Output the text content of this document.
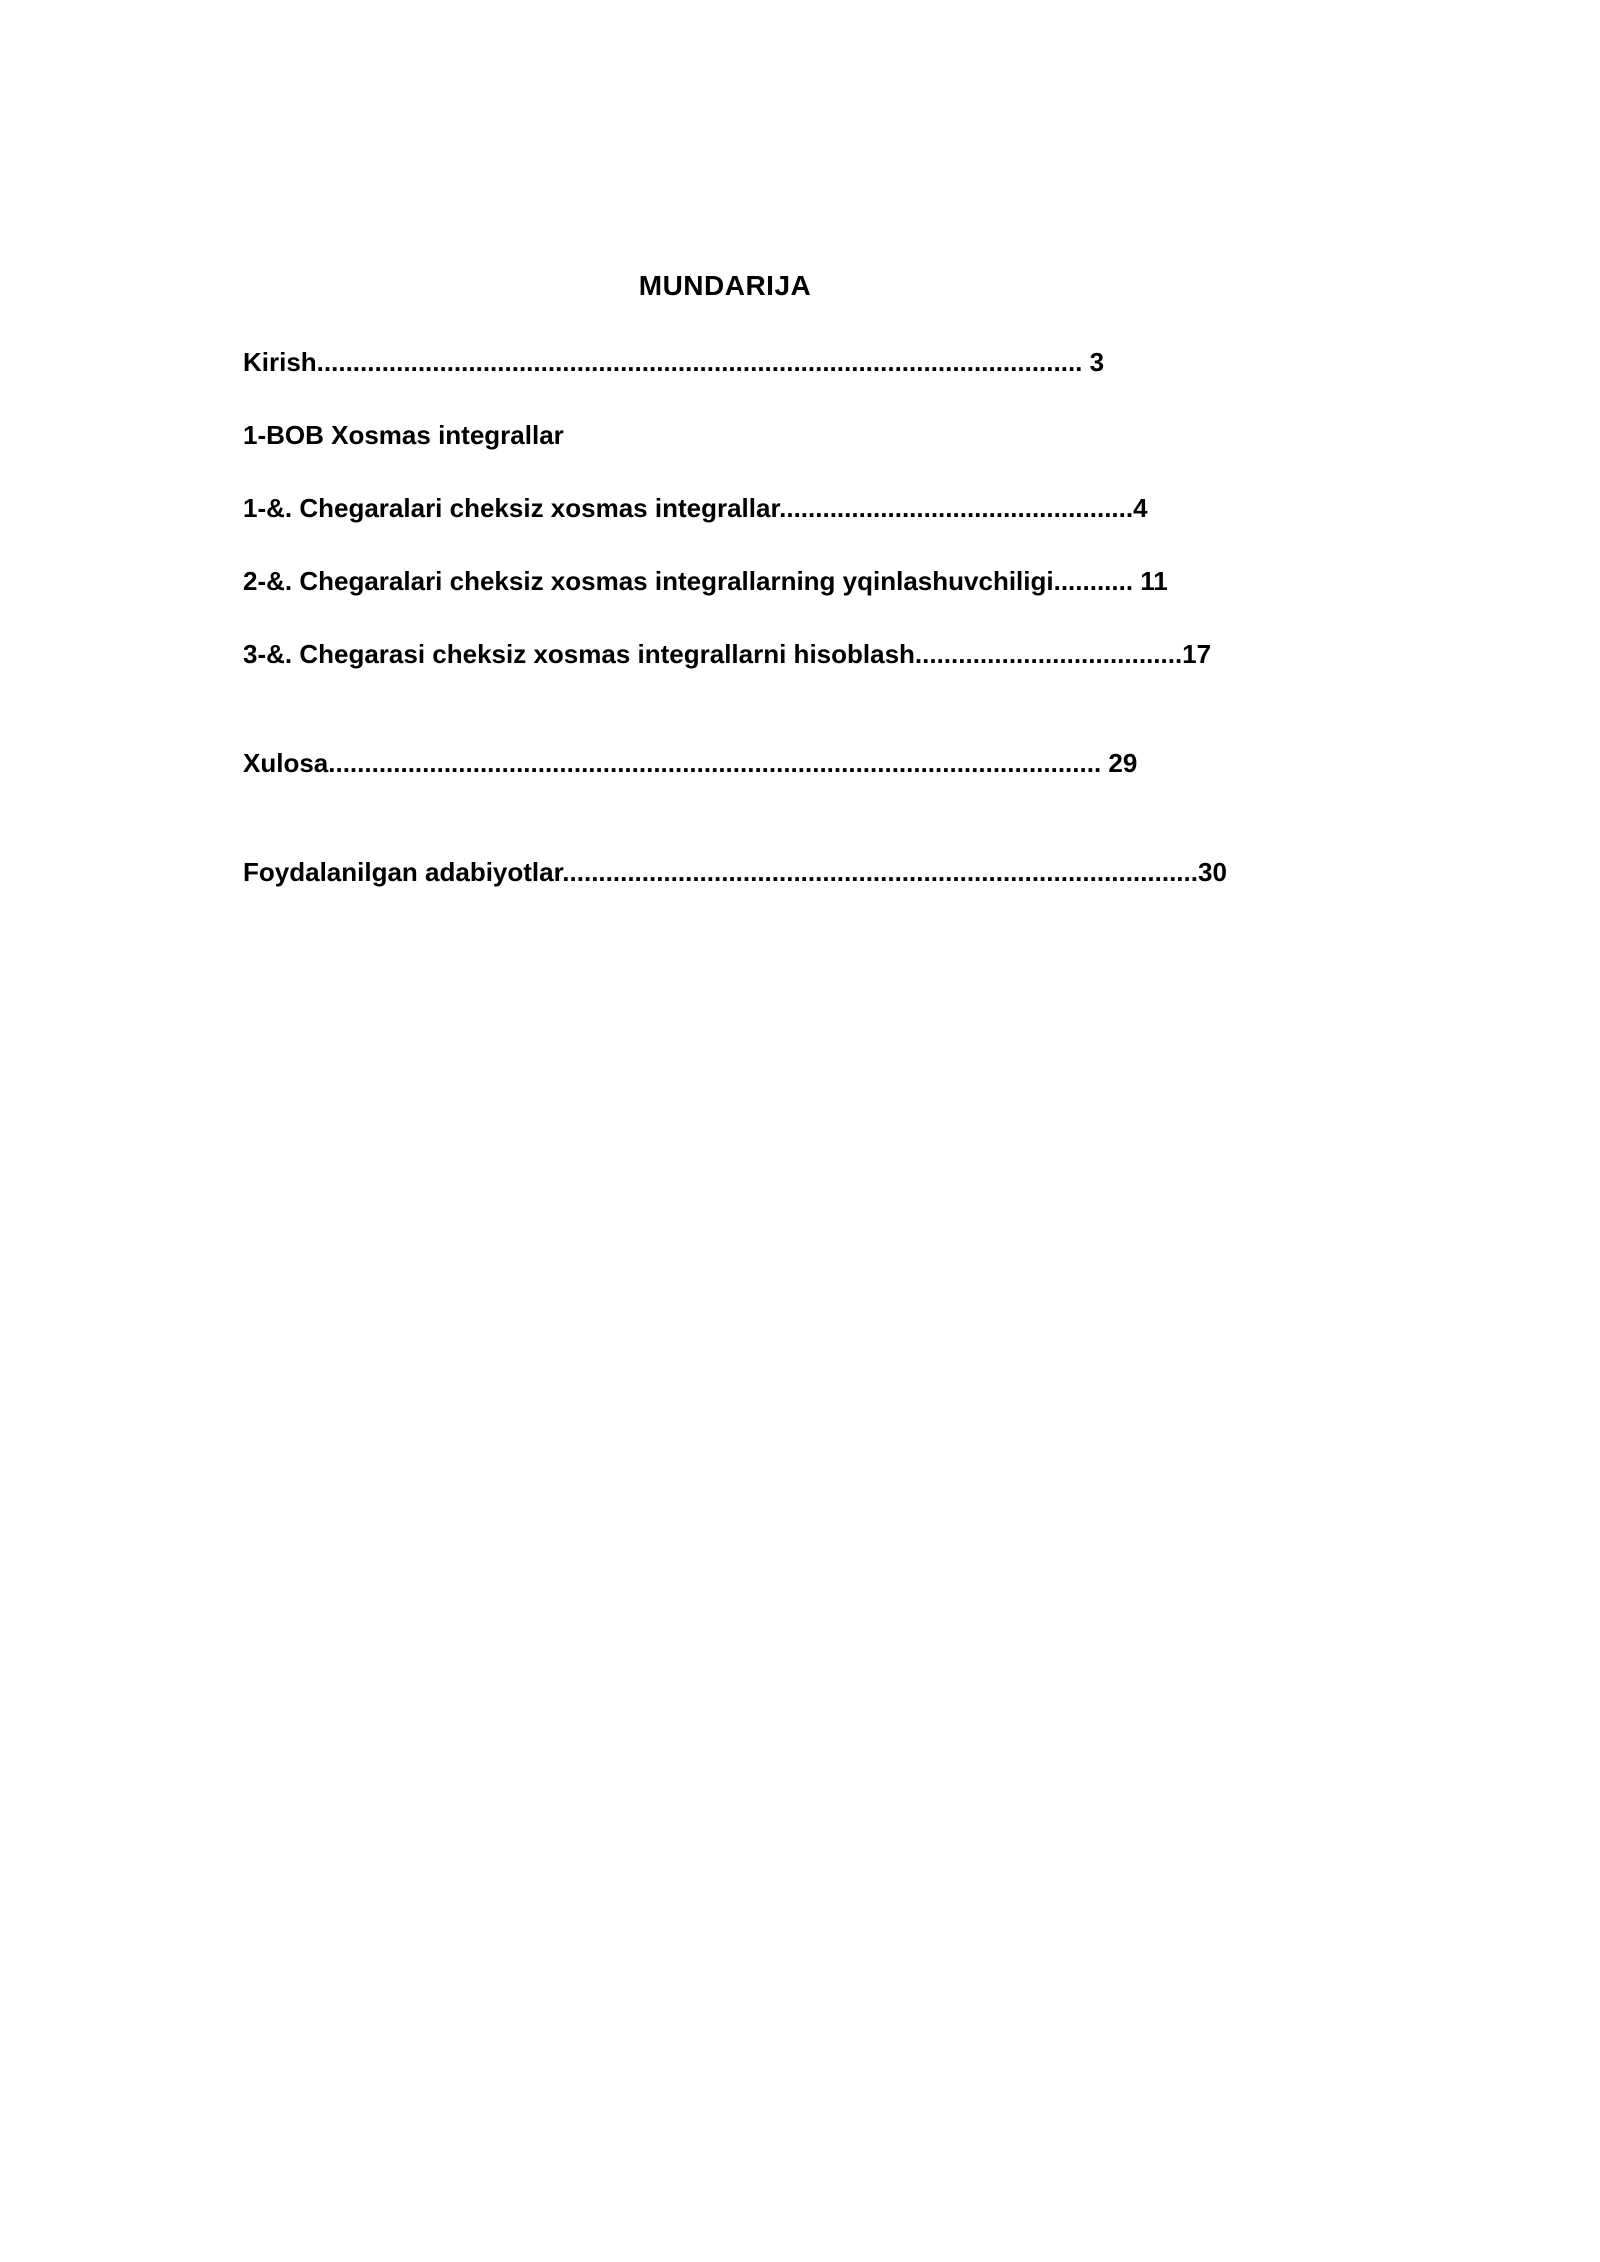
MUNDARIJA
Kirish.......................................................................................................... 3
1-BOB Xosmas integrallar
1-&. Chegaralari cheksiz xosmas integrallar.................................................4
2-&. Chegaralari cheksiz xosmas integrallarning yqinlashuvchiligi........... 11
3-&. Chegarasi cheksiz xosmas integrallarni hisoblash.....................................17
Xulosa........................................................................................................... 29
Foydalanilgan adabiyotlar........................................................................................30
